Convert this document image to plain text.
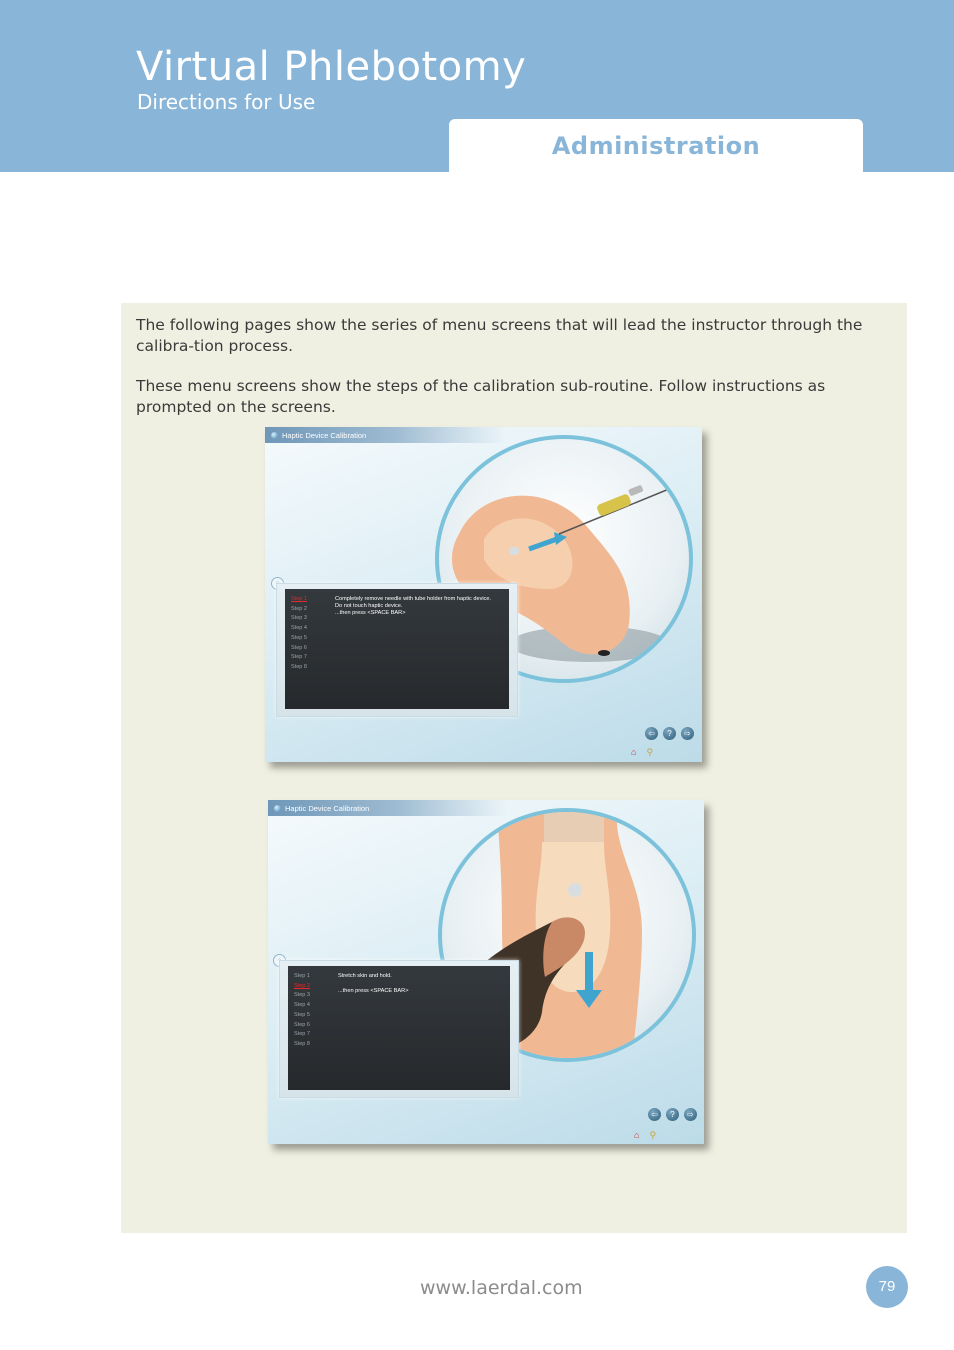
Virtual Phlebotomy
Directions for Use
Administration

The following pages show the series of menu screens that will lead the instructor through the calibra-tion process.

These menu screens show the steps of the calibration sub-routine. Follow instructions as prompted on the screens.

Haptic Device Calibration
Step 1
Step 2
Step 3
Step 4
Step 5
Step 6
Step 7
Step 8
Completely remove needle with tube holder from haptic device.
Do not touch haptic device.
...then press <SPACE BAR>
⇦	?	⇨
⌂ ⚲
Haptic Device Calibration
Step 1
Step 2
Step 3
Step 4
Step 5
Step 6
Step 7
Step 8
Stretch skin and hold.
...then press <SPACE BAR>
⇦	?	⇨
⌂ ⚲
www.laerdal.com	79
